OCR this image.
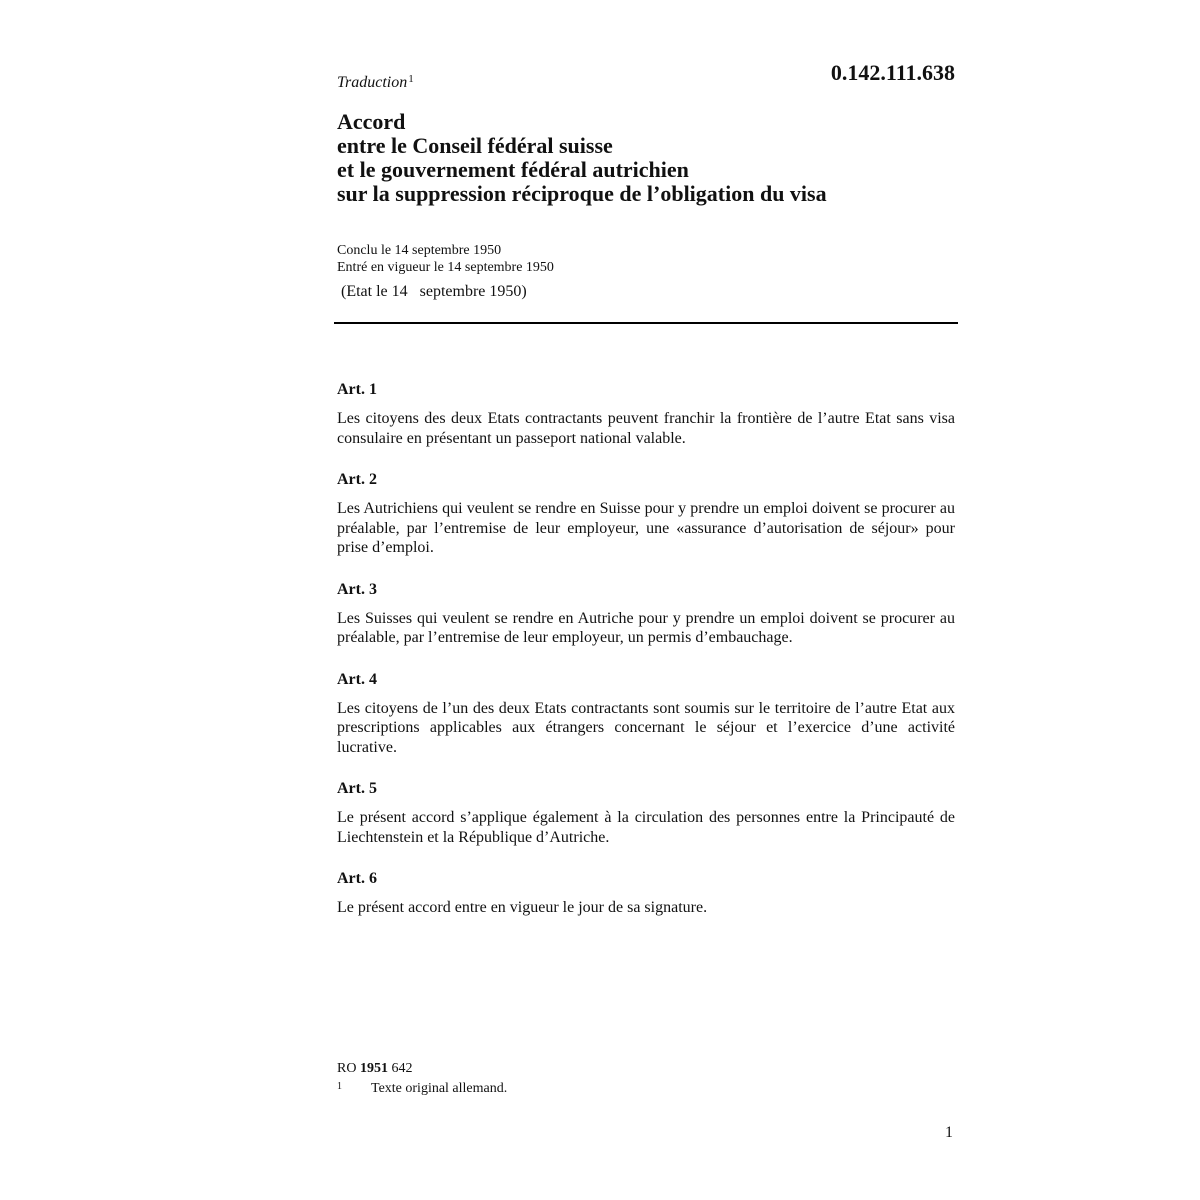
Traduction$^1$	0.142.111.638
Accord
entre le Conseil fédéral suisse
et le gouvernement fédéral autrichien
sur la suppression réciproque de l’obligation du visa
Conclu le 14 septembre 1950
Entré en vigueur le 14 septembre 1950
(Etat le 14   septembre 1950)

Art. 1

Les citoyens des deux Etats contractants peuvent franchir la frontière de l’autre Etat sans visa consulaire en présentant un passeport national valable.

Art. 2

Les Autrichiens qui veulent se rendre en Suisse pour y prendre un emploi doivent se procurer au préalable, par l’entremise de leur employeur, une «assurance d’autorisation de séjour» pour prise d’emploi.

Art. 3

Les Suisses qui veulent se rendre en Autriche pour y prendre un emploi doivent se procurer au préalable, par l’entremise de leur employeur, un permis d’embauchage.

Art. 4

Les citoyens de l’un des deux Etats contractants sont soumis sur le territoire de l’autre Etat aux prescriptions applicables aux étrangers concernant le séjour et l’exercice d’une activité lucrative.

Art. 5

Le présent accord s’applique également à la circulation des personnes entre la Principauté de Liechtenstein et la République d’Autriche.

Art. 6

Le présent accord entre en vigueur le jour de sa signature.

RO 1951 642
1	Texte original allemand.
1
